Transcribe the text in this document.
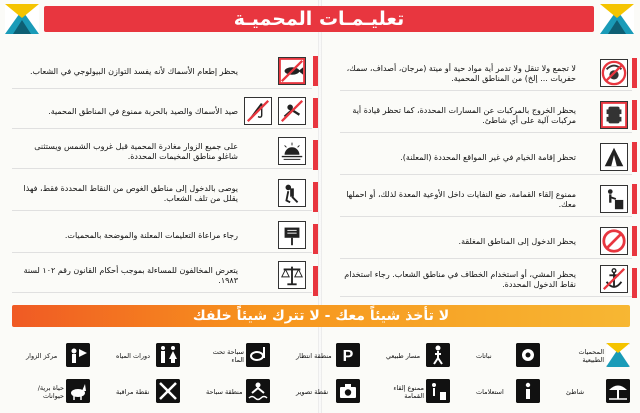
تعليـمـات المحميـة
لا تجمع ولا تنقل ولا تدمر أية مواد حية أو ميتة (مرجان، أصداف، سمك، حفريات ... إلخ) من المناطق المحمية.
يحظر الخروج بالمركبات عن المسارات المحددة، كما تحظر قيادة أية مركبات آلية على أي شاطئ.
تحظر إقامة الخيام في غير المواقع المحددة (المعلنة).
ممنوع إلقاء القمامة، ضع النفايات داخل الأوعية المعدة لذلك، أو احملها معك.
يحظر الدخول إلى المناطق المغلقة.
يحظر المشي، أو استخدام الخطاف في مناطق الشعاب. رجاء استخدام نقاط الدخول المحددة.
يحظر إطعام الأسماك لأنه يفسد التوازن البيولوجي في الشعاب.
صيد الأسماك والصيد بالحربة ممنوع في المناطق المحمية.
على جميع الزوار مغادرة المحمية قبل غروب الشمس ويستثنى شاغلو مناطق المخيمات المحددة.
يوصى بالدخول إلى مناطق الغوص من النقاط المحددة فقط، فهذا يقلل من تلف الشعاب.
رجاء مراعاة التعليمات المعلنة والموضحة بالمحميات.
يتعرض المخالفون للمساءلة بموجب أحكام القانون رقم ١٠٢ لسنة ١٩٨٣.
لا تأخذ شيئاً معك - لا تترك شيئاً خلفك
المحميات الطبيعية
نباتات
مسار طبيعي
منطقة انتظار P
سباحة تحت الماء
دورات المياه
مركز الزوار
شاطئ
استعلامات
ممنوع إلقاء القمامة
نقطة تصوير
منطقة سباحة
نقطة مراقبة
حياة برية/ حيوانات
